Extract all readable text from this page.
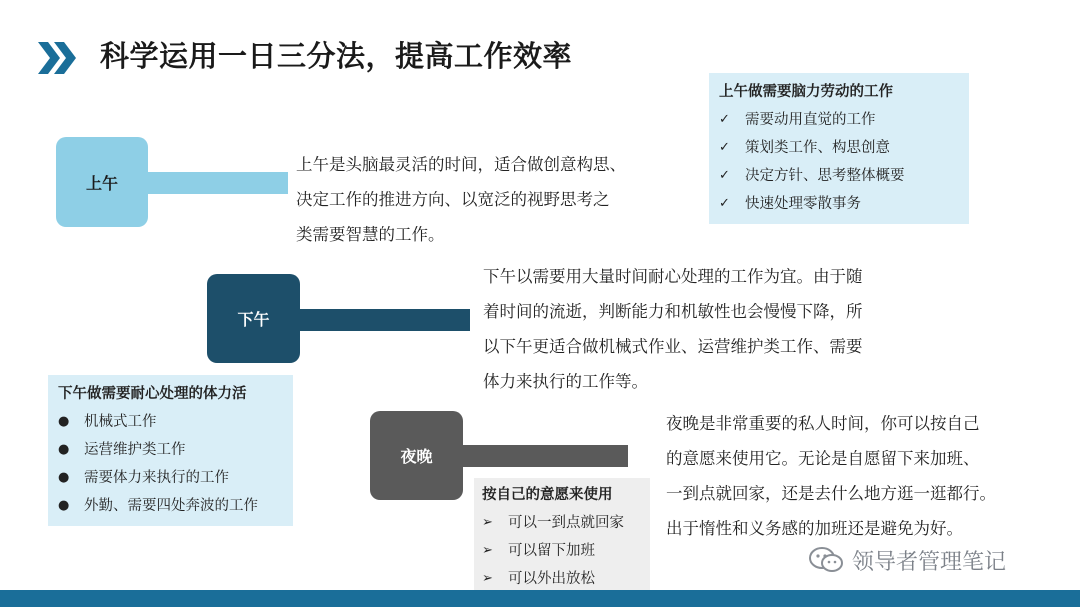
科学运用一日三分法，提高工作效率
上午
上午是头脑最灵活的时间，适合做创意构思、
决定工作的推进方向、以宽泛的视野思考之
类需要智慧的工作。
上午做需要脑力劳动的工作
✓	需要动用直觉的工作
✓	策划类工作、构思创意
✓	决定方针、思考整体概要
✓	快速处理零散事务
下午
下午以需要用大量时间耐心处理的工作为宜。由于随
着时间的流逝，判断能力和机敏性也会慢慢下降，所
以下午更适合做机械式作业、运营维护类工作、需要
体力来执行的工作等。
下午做需要耐心处理的体力活
●	机械式工作
●	运营维护类工作
●	需要体力来执行的工作
●	外勤、需要四处奔波的工作
夜晚
夜晚是非常重要的私人时间，你可以按自己
的意愿来使用它。无论是自愿留下来加班、
一到点就回家，还是去什么地方逛一逛都行。
出于惰性和义务感的加班还是避免为好。
按自己的意愿来使用
➢	可以一到点就回家
➢	可以留下加班
➢	可以外出放松
领导者管理笔记
